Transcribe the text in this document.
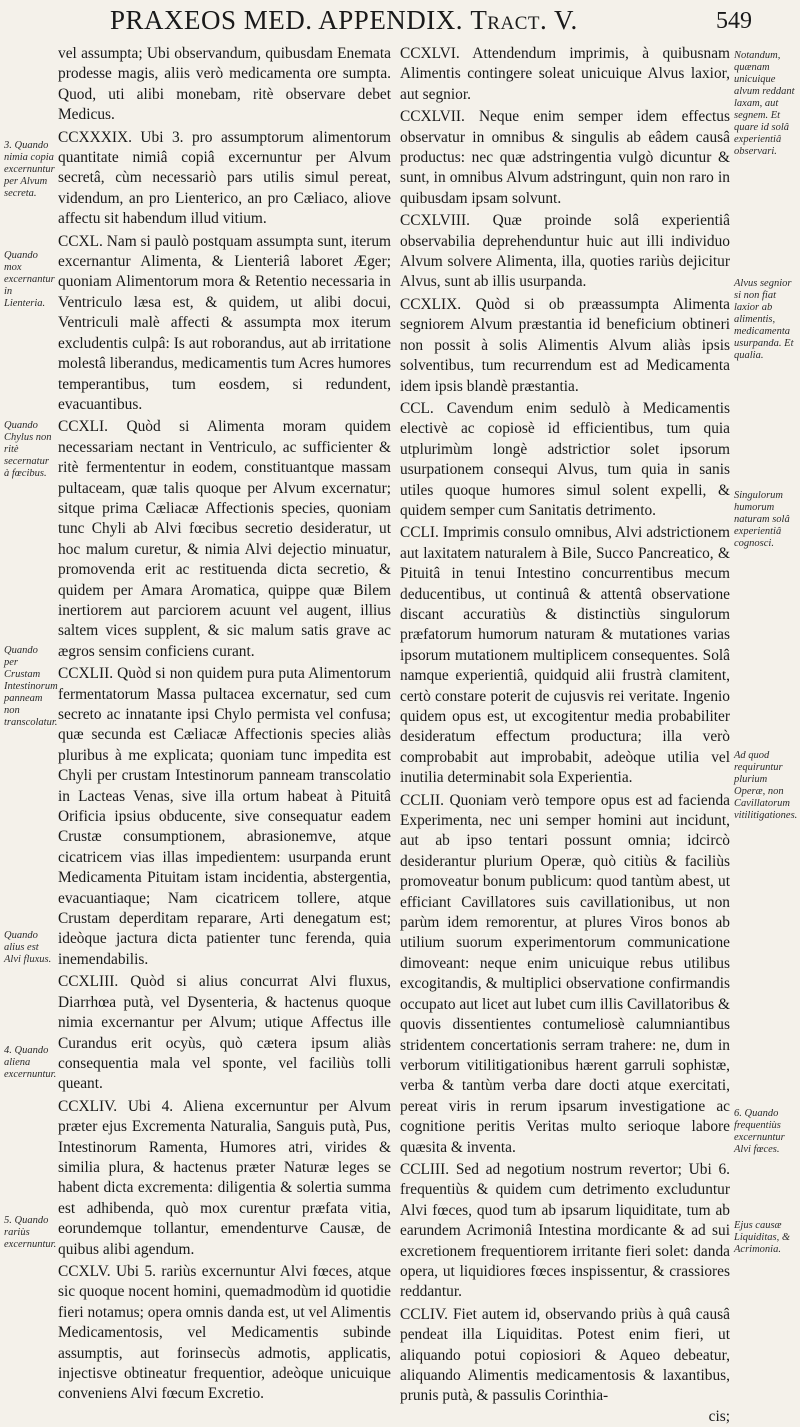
PRAXEOS MED. APPENDIX. Tract. V.	549

3. Quando nimia copia excernuntur per Alvum secreta.

Quando mox excernantur in Lienteria.

Quando Chylus non ritè secernatur à fœcibus.

Quando per Crustam Intestinorum panneam non transcolatur.

Quando alius est Alvi fluxus.

4. Quando aliena excernuntur.

5. Quando rariùs excernuntur.

vel assumpta; Ubi observandum, quibusdam Enemata prodesse magis, aliis verò medicamenta ore sumpta. Quod, uti alibi monebam, ritè observare debet Medicus.

CCXXXIX. Ubi 3. pro assumptorum alimentorum quantitate nimiâ copiâ excernuntur per Alvum secretâ, cùm necessariò pars utilis simul pereat, videndum, an pro Lienterico, an pro Cæliaco, aliove affectu sit habendum illud vitium.

CCXL. Nam si paulò postquam assumpta sunt, iterum excernantur Alimenta, & Lienteriâ laboret Æger; quoniam Alimentorum mora & Retentio necessaria in Ventriculo læsa est, & quidem, ut alibi docui, Ventriculi malè affecti & assumpta mox iterum excludentis culpâ: Is aut roborandus, aut ab irritatione molestâ liberandus, medicamentis tum Acres humores temperantibus, tum eosdem, si redundent, evacuantibus.

CCXLI. Quòd si Alimenta moram quidem necessariam nectant in Ventriculo, ac sufficienter & ritè fermententur in eodem, constituantque massam pultaceam, quæ talis quoque per Alvum excernatur; sitque prima Cæliacæ Affectionis species, quoniam tunc Chyli ab Alvi fœcibus secretio desideratur, ut hoc malum curetur, & nimia Alvi dejectio minuatur, promovenda erit ac restituenda dicta secretio, & quidem per Amara Aromatica, quippe quæ Bilem inertiorem aut parciorem acuunt vel augent, illius saltem vices supplent, & sic malum satis grave ac ægros sensim conficiens curant.

CCXLII. Quòd si non quidem pura puta Alimentorum fermentatorum Massa pultacea excernatur, sed cum secreto ac innatante ipsi Chylo permista vel confusa; quæ secunda est Cæliacæ Affectionis species aliàs pluribus à me explicata; quoniam tunc impedita est Chyli per crustam Intestinorum panneam transcolatio in Lacteas Venas, sive illa ortum habeat à Pituitâ Orificia ipsius obducente, sive consequatur eadem Crustæ consumptionem, abrasionemve, atque cicatricem vias illas impedientem: usurpanda erunt Medicamenta Pituitam istam incidentia, abstergentia, evacuantiaque; Nam cicatricem tollere, atque Crustam deperditam reparare, Arti denegatum est; ideòque jactura dicta patienter tunc ferenda, quia inemendabilis.

CCXLIII. Quòd si alius concurrat Alvi fluxus, Diarrhœa putà, vel Dysenteria, & hactenus quoque nimia excernantur per Alvum; utique Affectus ille Curandus erit ocyùs, quò cætera ipsum aliàs consequentia mala vel sponte, vel faciliùs tolli queant.

CCXLIV. Ubi 4. Aliena excernuntur per Alvum præter ejus Excrementa Naturalia, Sanguis putà, Pus, Intestinorum Ramenta, Humores atri, virides & similia plura, & hactenus præter Naturæ leges se habent dicta excrementa: diligentia & solertia summa est adhibenda, quò mox curentur præfata vitia, eorundemque tollantur, emendenturve Causæ, de quibus alibi agendum.

CCXLV. Ubi 5. rariùs excernuntur Alvi fœces, atque sic quoque nocent homini, quemadmodùm id quotidie fieri notamus; opera omnis danda est, ut vel Alimentis Medicamentosis, vel Medicamentis subinde assumptis, aut forinsecùs admotis, applicatis, injectisve obtineatur frequentior, adeòque unicuique conveniens Alvi fœcum Excretio.

CCXLVI. Attendendum imprimis, à quibusnam Alimentis contingere soleat unicuique Alvus laxior, aut segnior.

CCXLVII. Neque enim semper idem effectus observatur in omnibus & singulis ab eâdem causâ productus: nec quæ adstringentia vulgò dicuntur & sunt, in omnibus Alvum adstringunt, quin non raro in quibusdam ipsam solvunt.

CCXLVIII. Quæ proinde solâ experientiâ observabilia deprehenduntur huic aut illi individuo Alvum solvere Alimenta, illa, quoties rariùs dejicitur Alvus, sunt ab illis usurpanda.

CCXLIX. Quòd si ob præassumpta Alimenta segniorem Alvum præstantia id beneficium obtineri non possit à solis Alimentis Alvum aliàs ipsis solventibus, tum recurrendum est ad Medicamenta idem ipsis blandè præstantia.

CCL. Cavendum enim sedulò à Medicamentis electivè ac copiosè id efficientibus, tum quia utplurimùm longè adstrictior solet ipsorum usurpationem consequi Alvus, tum quia in sanis utiles quoque humores simul solent expelli, & quidem semper cum Sanitatis detrimento.

CCLI. Imprimis consulo omnibus, Alvi adstrictionem aut laxitatem naturalem à Bile, Succo Pancreatico, & Pituitâ in tenui Intestino concurrentibus mecum deducentibus, ut continuâ & attentâ observatione discant accuratiùs & distinctiùs singulorum præfatorum humorum naturam & mutationes varias ipsorum mutationem multiplicem consequentes. Solâ namque experientiâ, quidquid alii frustrà clamitent, certò constare poterit de cujusvis rei veritate. Ingenio quidem opus est, ut excogitentur media probabiliter desideratum effectum productura; illa verò comprobabit aut improbabit, adeòque utilia vel inutilia determinabit sola Experientia.

CCLII. Quoniam verò tempore opus est ad facienda Experimenta, nec uni semper homini aut incidunt, aut ab ipso tentari possunt omnia; idcircò desiderantur plurium Operæ, quò citiùs & faciliùs promoveatur bonum publicum: quod tantùm abest, ut efficiant Cavillatores suis cavillationibus, ut non parùm idem remorentur, at plures Viros bonos ab utilium suorum experimentorum communicatione dimoveant: neque enim unicuique rebus utilibus excogitandis, & multiplici observatione confirmandis occupato aut licet aut lubet cum illis Cavillatoribus & quovis dissentientes contumeliosè calumniantibus stridentem concertationis serram trahere: ne, dum in verborum vitilitigationibus hærent garruli sophistæ, verba & tantùm verba dare docti atque exercitati, pereat viris in rerum ipsarum investigatione ac cognitione peritis Veritas multo serioque labore quæsita & inventa.

CCLIII. Sed ad negotium nostrum revertor; Ubi 6. frequentiùs & quidem cum detrimento excluduntur Alvi fœces, quod tum ab ipsarum liquiditate, tum ab earundem Acrimoniâ Intestina mordicante & ad sui excretionem frequentiorem irritante fieri solet: danda opera, ut liquidiores fœces inspissentur, & crassiores reddantur.

CCLIV. Fiet autem id, observando priùs à quâ causâ pendeat illa Liquiditas. Potest enim fieri, ut aliquando potui copiosiori & Aqueo debeatur, aliquando Alimentis medicamentosis & laxantibus, prunis putà, & passulis Corinthia-

cis;

Notandum, quænam unicuique alvum reddant laxam, aut segnem. Et quare id solâ experientiâ observari.

Alvus segnior si non fiat laxior ab alimentis, medicamenta usurpanda. Et qualia.

Singulorum humorum naturam solâ experientiâ cognosci.

Ad quod requiruntur plurium Operæ, non Cavillatorum vitilitigationes.

6. Quando frequentiùs excernuntur Alvi fœces.

Ejus causæ Liquiditas, & Acrimonia.
